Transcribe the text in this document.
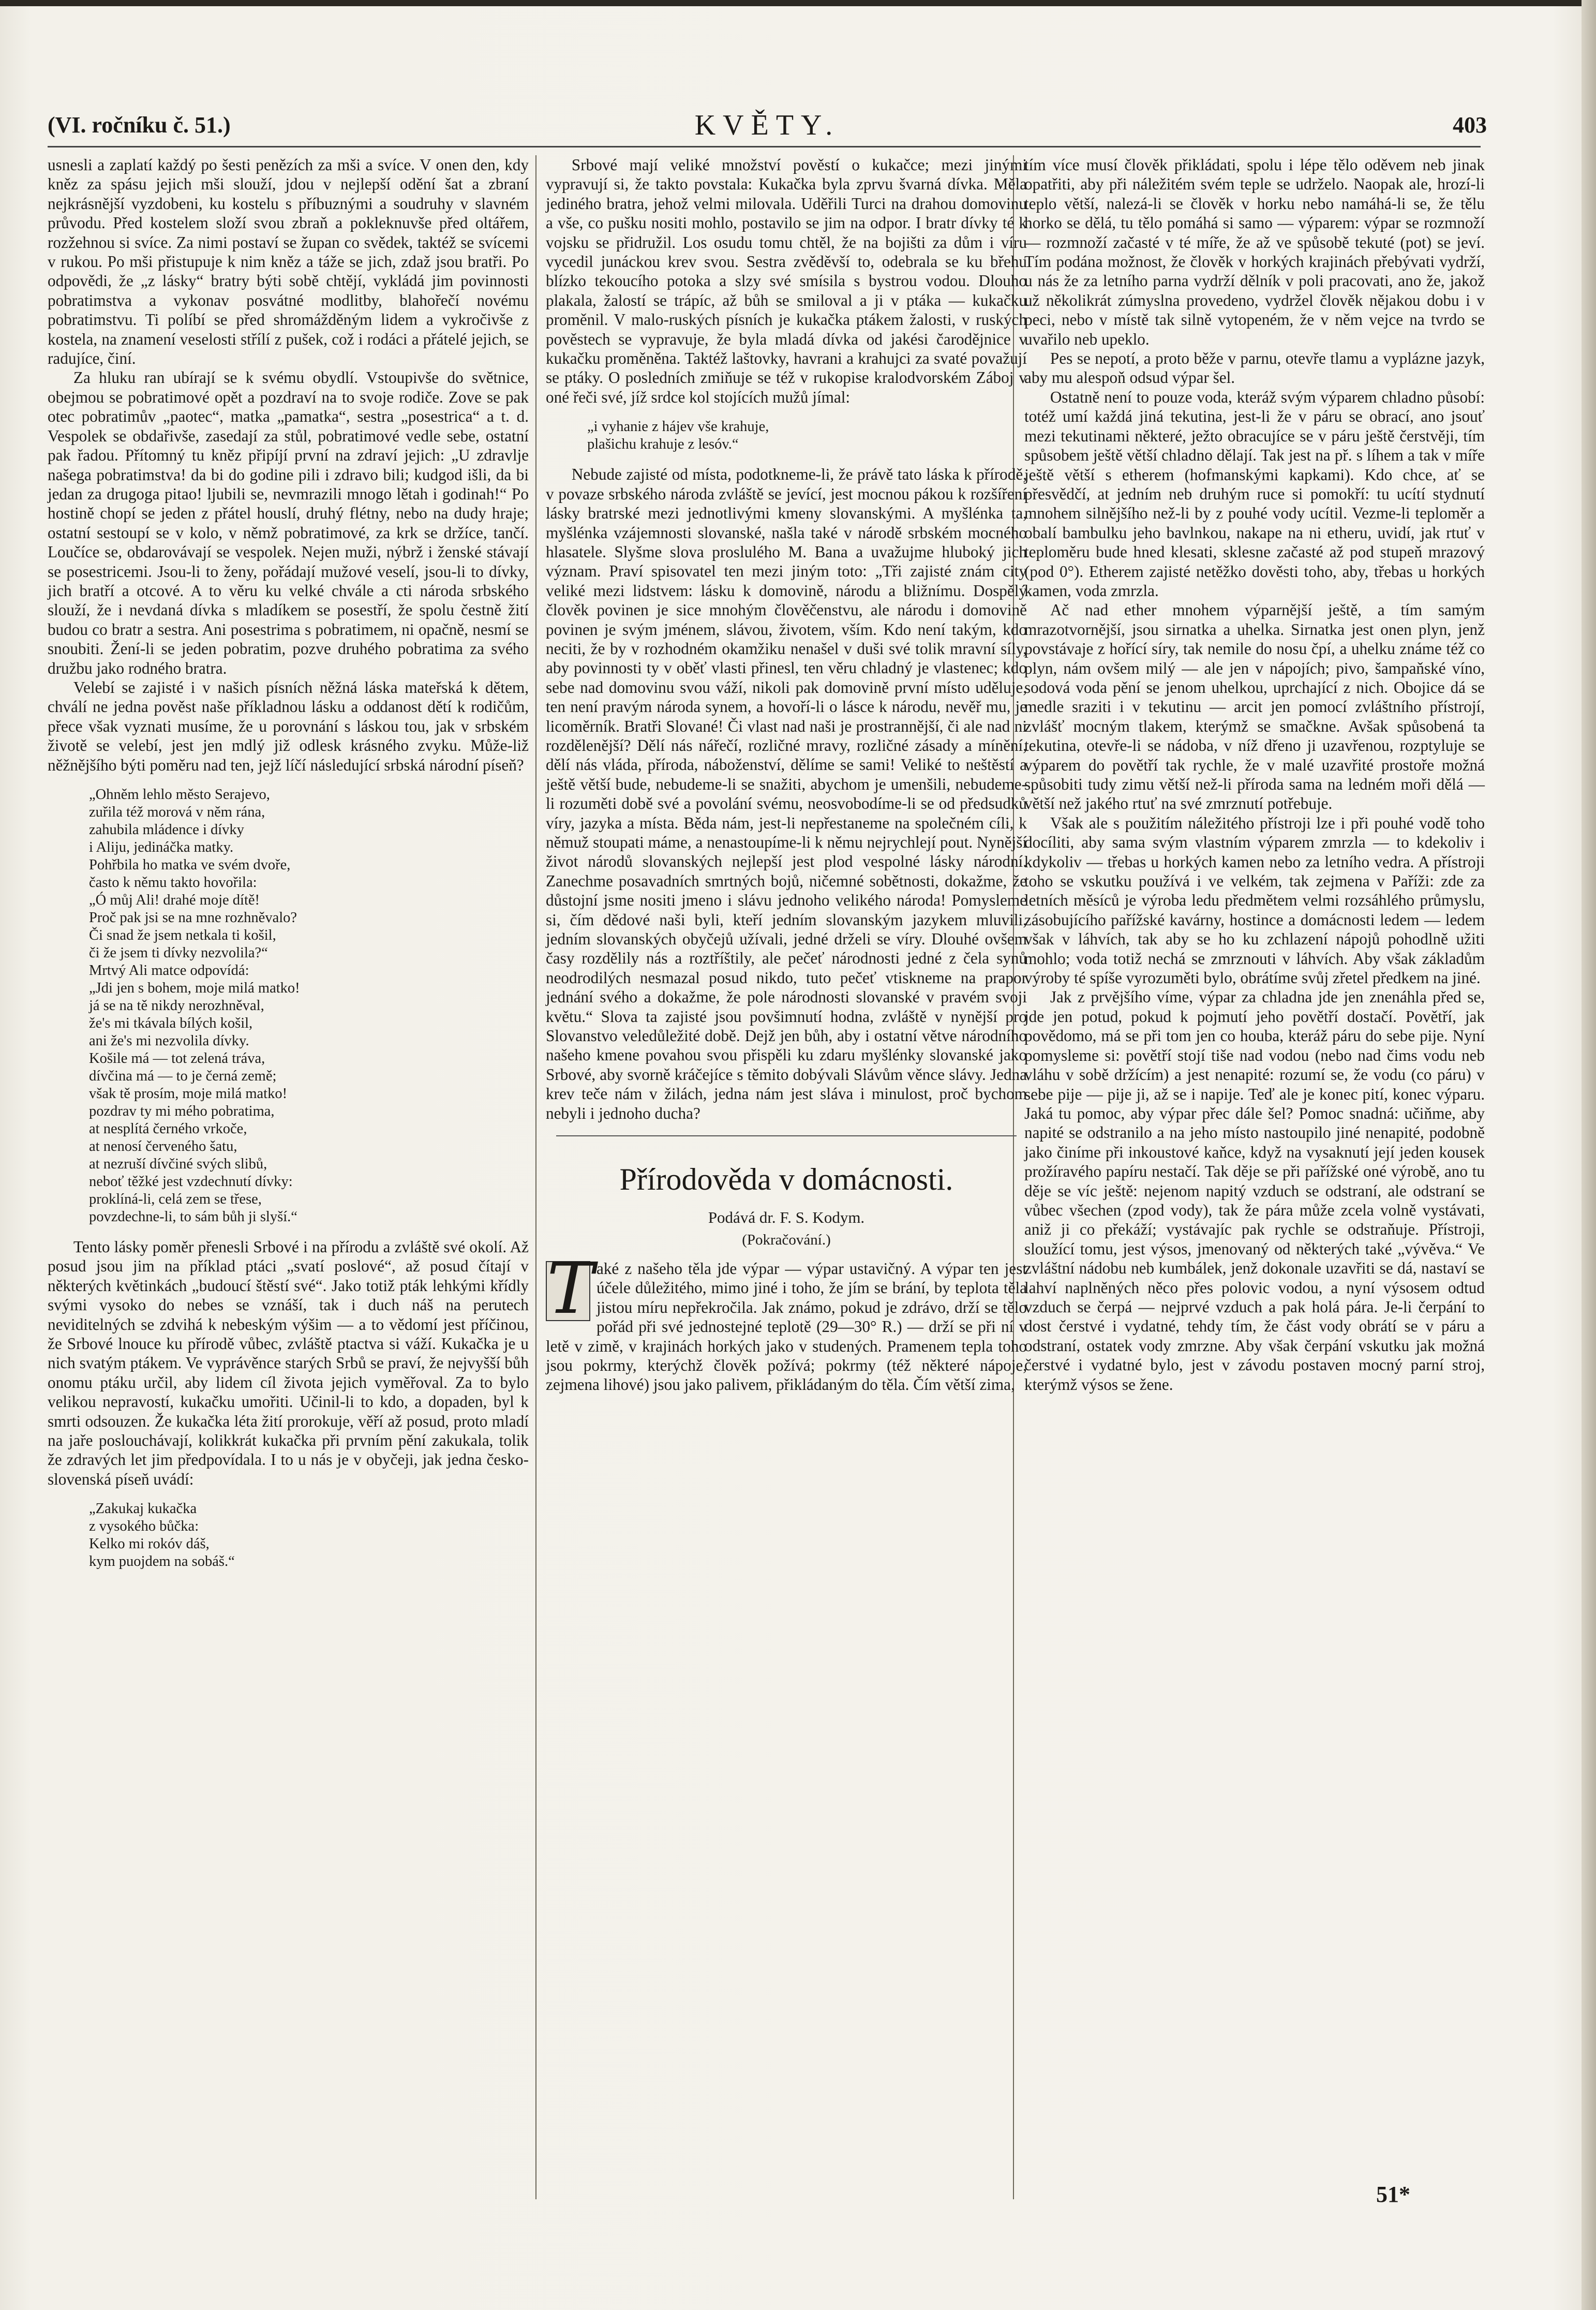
(VI. ročníku č. 51.)	KVĚTY.	403

usnesli a zaplatí každý po šesti penězích za mši a svíce. V onen den, kdy kněz za spásu jejich mši slouží, jdou v nejlepší odění šat a zbraní nejkrásnější vyzdobeni, ku kostelu s příbuznými a soudruhy v slavném průvodu. Před kostelem složí svou zbraň a pokleknuvše před oltářem, rozžehnou si svíce. Za nimi postaví se župan co svědek, taktéž se svícemi v rukou. Po mši přistupuje k nim kněz a táže se jich, zdaž jsou bratři. Po odpovědi, že „z lásky“ bratry býti sobě chtějí, vykládá jim povinnosti pobratimstva a vykonav posvátné modlitby, blahořečí novému pobratimstvu. Ti políbí se před shromážděným lidem a vykročivše z kostela, na znamení veselosti střílí z pušek, což i rodáci a přátelé jejich, se radujíce, činí.

Za hluku ran ubírají se k svému obydlí. Vstoupivše do světnice, obejmou se pobratimové opět a pozdraví na to svoje rodiče. Zove se pak otec pobratimův „paotec“, matka „pamatka“, sestra „posestrica“ a t. d. Vespolek se obdařivše, zasedají za stůl, pobratimové vedle sebe, ostatní pak řadou. Přítomný tu kněz připíjí první na zdraví jejich: „U zdravlje našega pobratimstva! da bi do godine pili i zdravo bili; kudgod išli, da bi jedan za drugoga pitao! ljubili se, nevmrazili mnogo lětah i godinah!“ Po hostině chopí se jeden z přátel houslí, druhý flétny, nebo na dudy hraje; ostatní sestoupí se v kolo, v němž pobratimové, za krk se držíce, tančí. Loučíce se, obdarovávají se vespolek. Nejen muži, nýbrž i ženské stávají se posestricemi. Jsou-li to ženy, pořádají mužové veselí, jsou-li to dívky, jich bratří a otcové. A to věru ku velké chvále a cti národa srbského slouží, že i nevdaná dívka s mladíkem se posestří, že spolu čestně žití budou co bratr a sestra. Ani posestrima s pobratimem, ni opačně, nesmí se snoubiti. Žení-li se jeden pobratim, pozve druhého pobratima za svého družbu jako rodného bratra.

Velebí se zajisté i v našich písních něžná láska mateřská k dětem, chválí ne jedna pověst naše příkladnou lásku a oddanost dětí k rodičům, přece však vyznati musíme, že u porovnání s láskou tou, jak v srbském životě se velebí, jest jen mdlý již odlesk krásného zvyku. Může-liž něžnějšího býti poměru nad ten, jejž líčí následující srbská národní píseň?

„Ohněm lehlo město Serajevo,
zuřila též morová v něm rána,
zahubila mládence i dívky
i Aliju, jedináčka matky.
Pohřbila ho matka ve svém dvoře,
často k němu takto hovořila:
„Ó můj Ali! drahé moje dítě!
Proč pak jsi se na mne rozhněvalo?
Či snad že jsem netkala ti košil,
či že jsem ti dívky nezvolila?“
Mrtvý Ali matce odpovídá:
„Jdi jen s bohem, moje milá matko!
já se na tě nikdy nerozhněval,
že's mi tkávala bílých košil,
ani že's mi nezvolila dívky.
Košile má — tot zelená tráva,
dívčina má — to je černá země;
však tě prosím, moje milá matko!
pozdrav ty mi mého pobratima,
at nesplítá černého vrkoče,
at nenosí červeného šatu,
at nezruší dívčiné svých slibů,
neboť těžké jest vzdechnutí dívky:
proklíná-li, celá zem se třese,
povzdechne-li, to sám bůh ji slyší.“

Tento lásky poměr přenesli Srbové i na přírodu a zvláště své okolí. Až posud jsou jim na příklad ptáci „svatí poslové“, až posud čítají v některých květinkách „budoucí štěstí své“. Jako totiž pták lehkými křídly svými vysoko do nebes se vznáší, tak i duch náš na perutech neviditelných se zdvihá k nebeským výšim — a to vědomí jest příčinou, že Srbové lnouce ku přírodě vůbec, zvláště ptactva si váží. Kukačka je u nich svatým ptákem. Ve vyprávěnce starých Srbů se praví, že nejvyšší bůh onomu ptáku určil, aby lidem cíl života jejich vyměřoval. Za to bylo velikou nepravostí, kukačku umořiti. Učinil-li to kdo, a dopaden, byl k smrti odsouzen. Že kukačka léta žití prorokuje, věří až posud, proto mladí na jaře poslouchávají, kolikkrát kukačka při prvním pění zakukala, tolik že zdravých let jim předpovídala. I to u nás je v obyčeji, jak jedna česko-slovenská píseň uvádí:

„Zakukaj kukačka
z vysokého bůčka:
Kelko mi rokóv dáš,
kym puojdem na sobáš.“

Srbové mají veliké množství pověstí o kukačce; mezi jinými vypravují si, že takto povstala: Kukačka byla zprvu švarná dívka. Měla jediného bratra, jehož velmi milovala. Uděřili Turci na drahou domovinu a vše, co pušku nositi mohlo, postavilo se jim na odpor. I bratr dívky té k vojsku se přidružil. Los osudu tomu chtěl, že na bojišti za dům i víru vycedil junáckou krev svou. Sestra zvěděvší to, odebrala se ku břehu blízko tekoucího potoka a slzy své smísila s bystrou vodou. Dlouho plakala, žalostí se trápíc, až bůh se smiloval a ji v ptáka — kukačku proměnil. V malo-ruských písních je kukačka ptákem žalosti, v ruských pověstech se vypravuje, že byla mladá dívka od jakési čarodějnice v kukačku proměněna. Taktéž laštovky, havrani a krahujci za svaté považují se ptáky. O posledních zmiňuje se též v rukopise kralodvorském Záboj v oné řeči své, jíž srdce kol stojících mužů jímal:

„i vyhanie z hájev vše krahuje,
plašichu krahuje z lesóv.“

Nebude zajisté od místa, podotkneme-li, že právě tato láska k přírodě, v povaze srbského národa zvláště se jevící, jest mocnou pákou k rozšíření lásky bratrské mezi jednotlivými kmeny slovanskými. A myšlénka ta, myšlénka vzájemnosti slovanské, našla také v národě srbském mocného hlasatele. Slyšme slova proslulého M. Bana a uvažujme hluboký jich význam. Praví spisovatel ten mezi jiným toto: „Tři zajisté znám city veliké mezi lidstvem: lásku k domovině, národu a bližnímu. Dospělý člověk povinen je sice mnohým člověčenstvu, ale národu i domovině povinen je svým jménem, slávou, životem, vším. Kdo není takým, kdo neciti, že by v rozhodném okamžiku nenašel v duši své tolik mravní síly, aby povinnosti ty v oběť vlasti přinesl, ten věru chladný je vlastenec; kdo sebe nad domovinu svou váží, nikoli pak domovině první místo uděluje, ten není pravým národa synem, a hovoří-li o lásce k národu, nevěř mu, je licoměrník. Bratři Slované! Či vlast nad naši je prostrannější, či ale nad ni rozdělenější? Dělí nás nářečí, rozličné mravy, rozličné zásady a mínění, dělí nás vláda, příroda, náboženství, dělíme se sami! Veliké to neštěstí a ještě větší bude, nebudeme-li se snažiti, abychom je umenšili, nebudeme-li rozuměti době své a povolání svému, neosvobodíme-li se od předsudků víry, jazyka a místa. Běda nám, jest-li nepřestaneme na společném cíli, k němuž stoupati máme, a nenastoupíme-li k němu nejrychlejí pout. Nynější život národů slovanských nejlepší jest plod vespolné lásky národní. Zanechme posavadních smrtných bojů, ničemné sobětnosti, dokažme, že důstojní jsme nositi jmeno i slávu jednoho velikého národa! Pomysleme si, čím dědové naši byli, kteří jedním slovanským jazykem mluvili, jedním slovanských obyčejů užívali, jedné drželi se víry. Dlouhé ovšem časy rozdělily nás a roztříštily, ale pečeť národnosti jedné z čela synů neodrodilých nesmazal posud nikdo, tuto pečeť vtiskneme na prapor jednání svého a dokažme, že pole národnosti slovanské v pravém svoji květu.“ Slova ta zajisté jsou povšimnutí hodna, zvláště v nynější pro Slovanstvo veledůležité době. Dejž jen bůh, aby i ostatní větve národního našeho kmene povahou svou přispěli ku zdaru myšlénky slovanské jako Srbové, aby svorně kráčejíce s těmito dobývali Slávům věnce slávy. Jedna krev teče nám v žilách, jedna nám jest sláva i minulost, proč bychom nebyli i jednoho ducha?

Přírodověda v domácnosti.
Podává dr. F. S. Kodym.
(Pokračování.)

T aké z našeho těla jde výpar — výpar ustavičný. A výpar ten jest účele důležitého, mimo jiné i toho, že jím se brání, by teplota těla jistou míru nepřekročila. Jak známo, pokud je zdrávo, drží se tělo pořád při své jednostejné teplotě (29—30° R.) — drží se při ní v letě v zimě, v krajinách horkých jako v studených. Pramenem tepla toho jsou pokrmy, kterýchž člověk požívá; pokrmy (též některé nápoje, zejmena lihové) jsou jako palivem, přikládaným do těla. Čím větší zima,

tím více musí člověk přikládati, spolu i lépe tělo oděvem neb jinak opatřiti, aby při náležitém svém teple se udrželo. Naopak ale, hrozí-li teplo větší, nalezá-li se člověk v horku nebo namáhá-li se, že tělu horko se dělá, tu tělo pomáhá si samo — výparem: výpar se rozmnoží — rozmnoží začasté v té míře, že až ve spůsobě tekuté (pot) se jeví. Tím podána možnost, že člověk v horkých krajinách přebývati vydrží, u nás že za letního parna vydrží dělník v poli pracovati, ano že, jakož už několikrát zúmyslna provedeno, vydržel člověk nějakou dobu i v peci, nebo v místě tak silně vytopeném, že v něm vejce na tvrdo se uvařilo neb upeklo.

Pes se nepotí, a proto běže v parnu, otevře tlamu a vyplázne jazyk, aby mu alespoň odsud výpar šel.

Ostatně není to pouze voda, kteráž svým výparem chladno působí: totéž umí každá jiná tekutina, jest-li že v páru se obrací, ano jsouť mezi tekutinami některé, ježto obracujíce se v páru ještě čerstvěji, tím spůsobem ještě větší chladno dělají. Tak jest na př. s líhem a tak v míře ještě větší s etherem (hofmanskými kapkami). Kdo chce, ať se přesvědčí, at jedním neb druhým ruce si pomokří: tu ucítí stydnutí mnohem silnějšího než-li by z pouhé vody ucítil. Vezme-li teploměr a obalí bambulku jeho bavlnkou, nakape na ni etheru, uvidí, jak rtuť v teploměru bude hned klesati, sklesne začasté až pod stupeň mrazový (pod 0°). Etherem zajisté netěžko dověsti toho, aby, třebas u horkých kamen, voda zmrzla.

Ač nad ether mnohem výparnější ještě, a tím samým mrazotvornější, jsou sirnatka a uhelka. Sirnatka jest onen plyn, jenž povstávaje z hořící síry, tak nemile do nosu čpí, a uhelku známe též co plyn, nám ovšem milý — ale jen v nápojích; pivo, šampaňské víno, sodová voda pění se jenom uhelkou, uprchající z nich. Obojice dá se medle sraziti i v tekutinu — arcit jen pomocí zvláštního přístrojí, zvlášť mocným tlakem, kterýmž se smačkne. Avšak spůsobená ta tekutina, otevře-li se nádoba, v níž dřeno ji uzavřenou, rozptyluje se výparem do povětří tak rychle, že v malé uzavřité prostoře možná spůsobiti tudy zimu větší než-li příroda sama na ledném moři dělá — větší než jakého rtuť na své zmrznutí potřebuje.

Však ale s použitím náležitého přístroji lze i při pouhé vodě toho docíliti, aby sama svým vlastním výparem zmrzla — to kdekoliv i kdykoliv — třebas u horkých kamen nebo za letního vedra. A přístroji toho se vskutku používá i ve velkém, tak zejmena v Paříži: zde za letních měsíců je výroba ledu předmětem velmi rozsáhlého průmyslu, zásobujícího pařížské kavárny, hostince a domácnosti ledem — ledem však v láhvích, tak aby se ho ku zchlazení nápojů pohodlně užiti mohlo; voda totiž nechá se zmrznouti v láhvích. Aby však základům výroby té spíše vyrozuměti bylo, obrátíme svůj zřetel předkem na jiné.

Jak z prvějšího víme, výpar za chladna jde jen znenáhla před se, jde jen potud, pokud k pojmutí jeho povětří dostačí. Povětří, jak povědomo, má se při tom jen co houba, kteráž páru do sebe pije. Nyní pomysleme si: povětří stojí tiše nad vodou (nebo nad čims vodu neb vláhu v sobě držícím) a jest nenapité: rozumí se, že vodu (co páru) v sebe pije — pije ji, až se i napije. Teď ale je konec pití, konec výparu. Jaká tu pomoc, aby výpar přec dále šel? Pomoc snadná: učiňme, aby napité se odstranilo a na jeho místo nastoupilo jiné nenapité, podobně jako činíme při inkoustové kaňce, když na vysaknutí její jeden kousek prožíravého papíru nestačí. Tak děje se při pařížské oné výrobě, ano tu děje se víc ještě: nejenom napitý vzduch se odstraní, ale odstraní se vůbec všechen (zpod vody), tak že pára může zcela volně vystávati, aniž ji co překáží; vystávajíc pak rychle se odstraňuje. Přístroji, sloužící tomu, jest výsos, jmenovaný od některých také „vývěva.“ Ve zvláštní nádobu neb kumbálek, jenž dokonale uzavřiti se dá, nastaví se lahví naplněných něco přes polovic vodou, a nyní výsosem odtud vzduch se čerpá — nejprvé vzduch a pak holá pára. Je-li čerpání to dost čerstvé i vydatné, tehdy tím, že část vody obrátí se v páru a odstraní, ostatek vody zmrzne. Aby však čerpání vskutku jak možná čerstvé i vydatné bylo, jest v závodu postaven mocný parní stroj, kterýmž výsos se žene.

51*
